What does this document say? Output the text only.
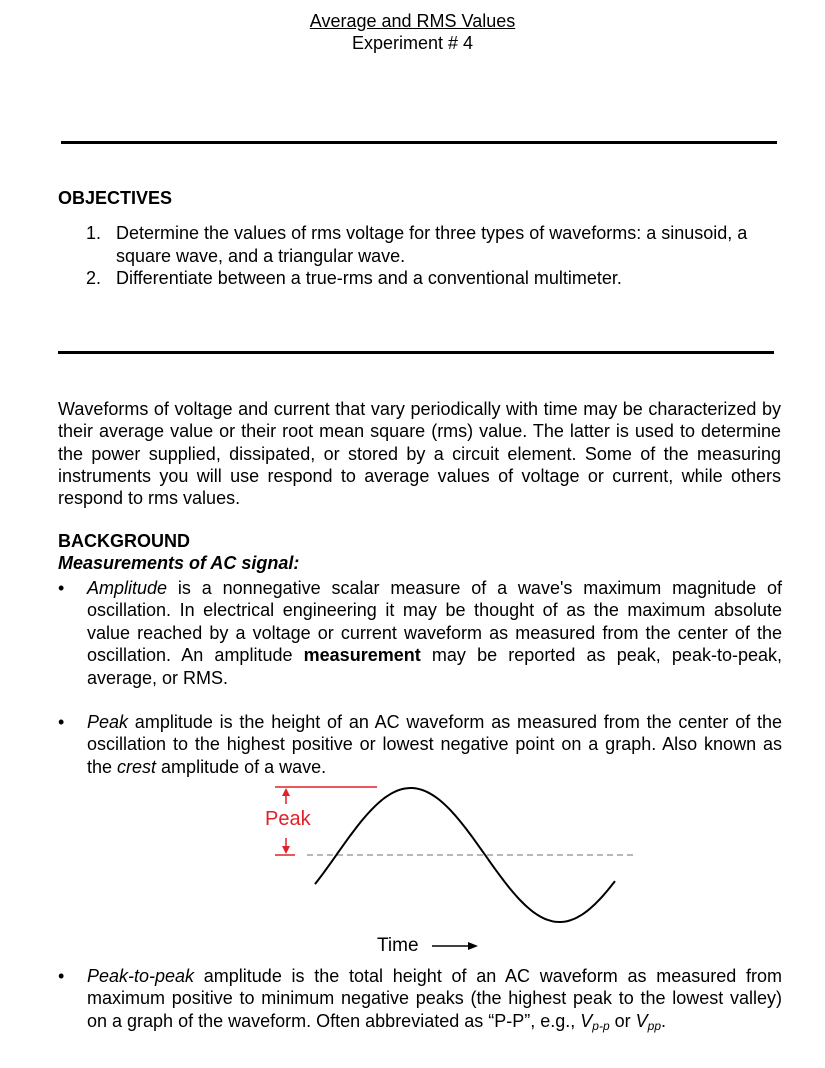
Average and RMS Values
Experiment # 4
OBJECTIVES
1. Determine the values of rms voltage for three types of waveforms: a sinusoid, a square wave, and a triangular wave.
2. Differentiate between a true-rms and a conventional multimeter.

Waveforms of voltage and current that vary periodically with time may be characterized by their average value or their root mean square (rms) value. The latter is used to determine the power supplied, dissipated, or stored by a circuit element. Some of the measuring instruments you will use respond to average values of voltage or current, while others respond to rms values.

BACKGROUND
Measurements of AC signal:
•	Amplitude is a nonnegative scalar measure of a wave's maximum magnitude of oscillation. In electrical engineering it may be thought of as the maximum absolute value reached by a voltage or current waveform as measured from the center of the oscillation. An amplitude measurement may be reported as peak, peak-to-peak, average, or RMS.
•	Peak amplitude is the height of an AC waveform as measured from the center of the oscillation to the highest positive or lowest negative point on a graph. Also known as the crest amplitude of a wave.
Peak
Time
•	Peak-to-peak amplitude is the total height of an AC waveform as measured from maximum positive to minimum negative peaks (the highest peak to the lowest valley) on a graph of the waveform. Often abbreviated as “P-P”, e.g., $V_{p-p}$ or $V_{pp}$.
